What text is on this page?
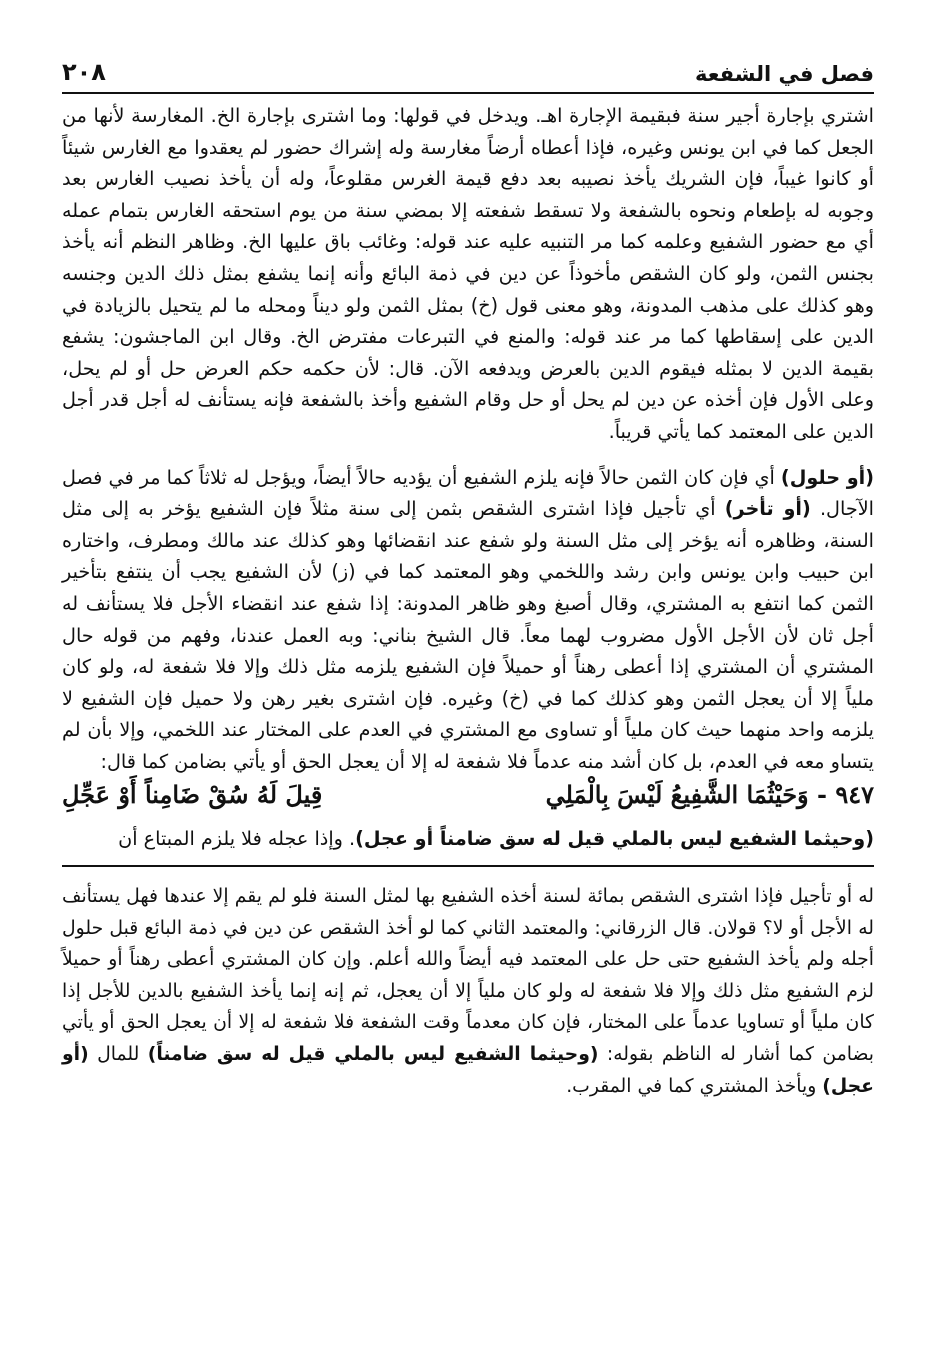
فصل في الشفعة
٢٠٨

اشتري بإجارة أجير سنة فبقيمة الإجارة اهـ. ويدخل في قولها: وما اشترى بإجارة الخ. المغارسة لأنها من الجعل كما في ابن يونس وغيره، فإذا أعطاه أرضاً مغارسة وله إشراك حضور لم يعقدوا مع الغارس شيئاً أو كانوا غيباً، فإن الشريك يأخذ نصيبه بعد دفع قيمة الغرس مقلوعاً، وله أن يأخذ نصيب الغارس بعد وجوبه له بإطعام ونحوه بالشفعة ولا تسقط شفعته إلا بمضي سنة من يوم استحقه الغارس بتمام عمله أي مع حضور الشفيع وعلمه كما مر التنبيه عليه عند قوله: وغائب باق عليها الخ. وظاهر النظم أنه يأخذ بجنس الثمن، ولو كان الشقص مأخوذاً عن دين في ذمة البائع وأنه إنما يشفع بمثل ذلك الدين وجنسه وهو كذلك على مذهب المدونة، وهو معنى قول (خ) بمثل الثمن ولو ديناً ومحله ما لم يتحيل بالزيادة في الدين على إسقاطها كما مر عند قوله: والمنع في التبرعات مفترض الخ. وقال ابن الماجشون: يشفع بقيمة الدين لا بمثله فيقوم الدين بالعرض ويدفعه الآن. قال: لأن حكمه حكم العرض حل أو لم يحل، وعلى الأول فإن أخذه عن دين لم يحل أو حل وقام الشفيع وأخذ بالشفعة فإنه يستأنف له أجل قدر أجل الدين على المعتمد كما يأتي قريباً.

(أو حلول) أي فإن كان الثمن حالاً فإنه يلزم الشفيع أن يؤديه حالاً أيضاً، ويؤجل له ثلاثاً كما مر في فصل الآجال. (أو تأخر) أي تأجيل فإذا اشترى الشقص بثمن إلى سنة مثلاً فإن الشفيع يؤخر به إلى مثل السنة، وظاهره أنه يؤخر إلى مثل السنة ولو شفع عند انقضائها وهو كذلك عند مالك ومطرف، واختاره ابن حبيب وابن يونس وابن رشد واللخمي وهو المعتمد كما في (ز) لأن الشفيع يجب أن ينتفع بتأخير الثمن كما انتفع به المشتري، وقال أصبغ وهو ظاهر المدونة: إذا شفع عند انقضاء الأجل فلا يستأنف له أجل ثان لأن الأجل الأول مضروب لهما معاً. قال الشيخ بناني: وبه العمل عندنا، وفهم من قوله حال المشتري أن المشتري إذا أعطى رهناً أو حميلاً فإن الشفيع يلزمه مثل ذلك وإلا فلا شفعة له، ولو كان ملياً إلا أن يعجل الثمن وهو كذلك كما في (خ) وغيره. فإن اشترى بغير رهن ولا حميل فإن الشفيع لا يلزمه واحد منهما حيث كان ملياً أو تساوى مع المشتري في العدم على المختار عند اللخمي، وإلا بأن لم يتساو معه في العدم، بل كان أشد منه عدماً فلا شفعة له إلا أن يعجل الحق أو يأتي بضامن كما قال:

٩٤٧ - وَحَيْثُمَا الشَّفِيعُ لَيْسَ بِالْمَلِي
قِيلَ لَهُ سُقْ ضَامِناً أَوْ عَجِّلِ
(وحيثما الشفيع ليس بالملي قيل له سق ضامناً أو عجل). وإذا عجله فلا يلزم المبتاع أن

له أو تأجيل فإذا اشترى الشقص بمائة لسنة أخذه الشفيع بها لمثل السنة فلو لم يقم إلا عندها فهل يستأنف له الأجل أو لا؟ قولان. قال الزرقاني: والمعتمد الثاني كما لو أخذ الشقص عن دين في ذمة البائع قبل حلول أجله ولم يأخذ الشفيع حتى حل على المعتمد فيه أيضاً والله أعلم. وإن كان المشتري أعطى رهناً أو حميلاً لزم الشفيع مثل ذلك وإلا فلا شفعة له ولو كان ملياً إلا أن يعجل، ثم إنه إنما يأخذ الشفيع بالدين للأجل إذا كان ملياً أو تساويا عدماً على المختار، فإن كان معدماً وقت الشفعة فلا شفعة له إلا أن يعجل الحق أو يأتي بضامن كما أشار له الناظم بقوله: (وحيثما الشفيع ليس بالملي قيل له سق ضامناً) للمال (أو عجل) ويأخذ المشتري كما في المقرب.
